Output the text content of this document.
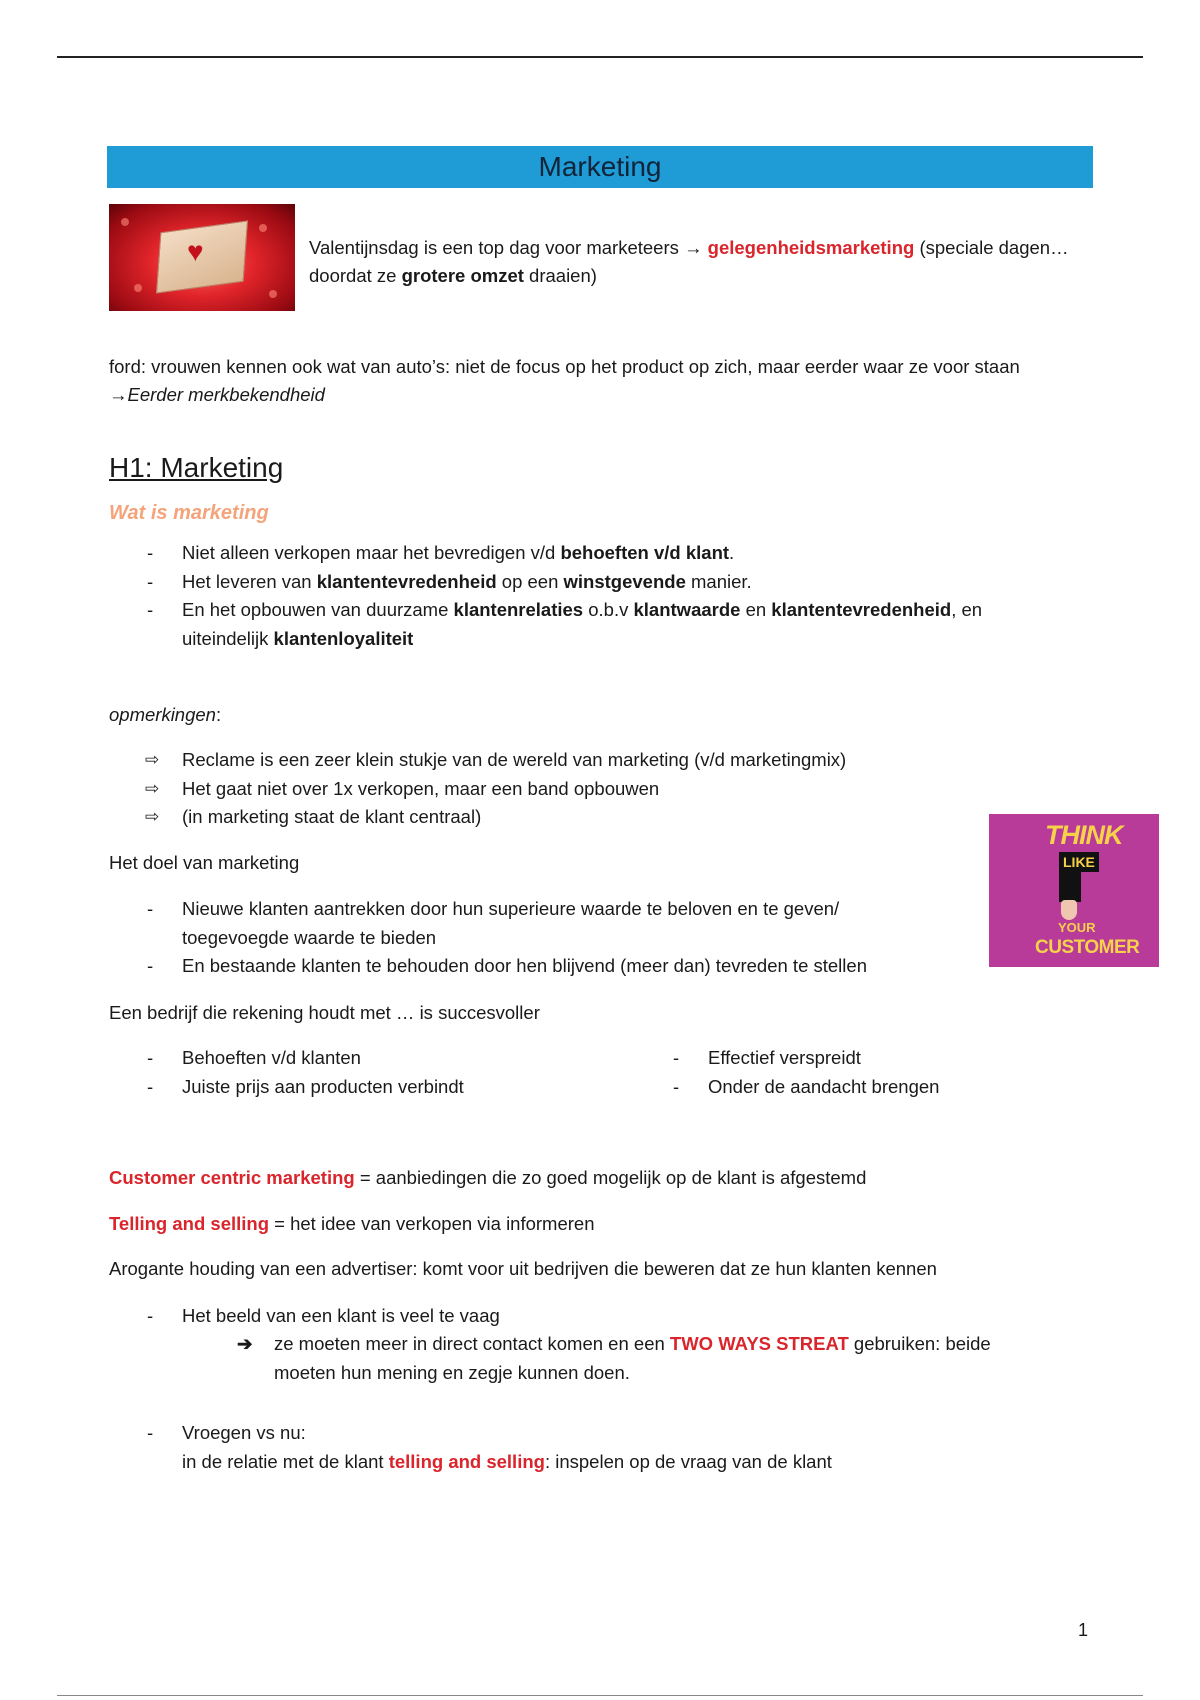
Marketing
♥	Valentijnsdag is een top dag voor marketeers → gelegenheidsmarketing (speciale dagen… doordat ze grotere omzet draaien)
ford: vrouwen kennen ook wat van auto’s: niet de focus op het product op zich, maar eerder waar ze voor staan →Eerder merkbekendheid
H1: Marketing
Wat is marketing
- Niet alleen verkopen maar het bevredigen v/d behoeften v/d klant.
- Het leveren van klantentevredenheid op een winstgevende manier.
- En het opbouwen van duurzame klantenrelaties o.b.v klantwaarde en klantentevredenheid, en uiteindelijk klantenloyaliteit
opmerkingen:
⇨ Reclame is een zeer klein stukje van de wereld van marketing (v/d marketingmix)
⇨ Het gaat niet over 1x verkopen, maar een band opbouwen
⇨ (in marketing staat de klant centraal)
Het doel van marketing
- Nieuwe klanten aantrekken door hun superieure waarde te beloven en te geven/ toegevoegde waarde te bieden
- En bestaande klanten te behouden door hen blijvend (meer dan) tevreden te stellen
THINK
LIKE
YOUR
CUSTOMER
Een bedrijf die rekening houdt met … is succesvoller
- Behoeften v/d klanten
- Juiste prijs aan producten verbindt
- Effectief verspreidt
- Onder de aandacht brengen
Customer centric marketing = aanbiedingen die zo goed mogelijk op de klant is afgestemd
Telling and selling = het idee van verkopen via informeren
Arogante houding van een advertiser: komt voor uit bedrijven die beweren dat ze hun klanten kennen
- Het beeld van een klant is veel te vaag
➔	ze moeten meer in direct contact komen en een TWO WAYS STREAT gebruiken: beide moeten hun mening en zegje kunnen doen.
- Vroegen vs nu:
in de relatie met de klant telling and selling: inspelen op de vraag van de klant
1
